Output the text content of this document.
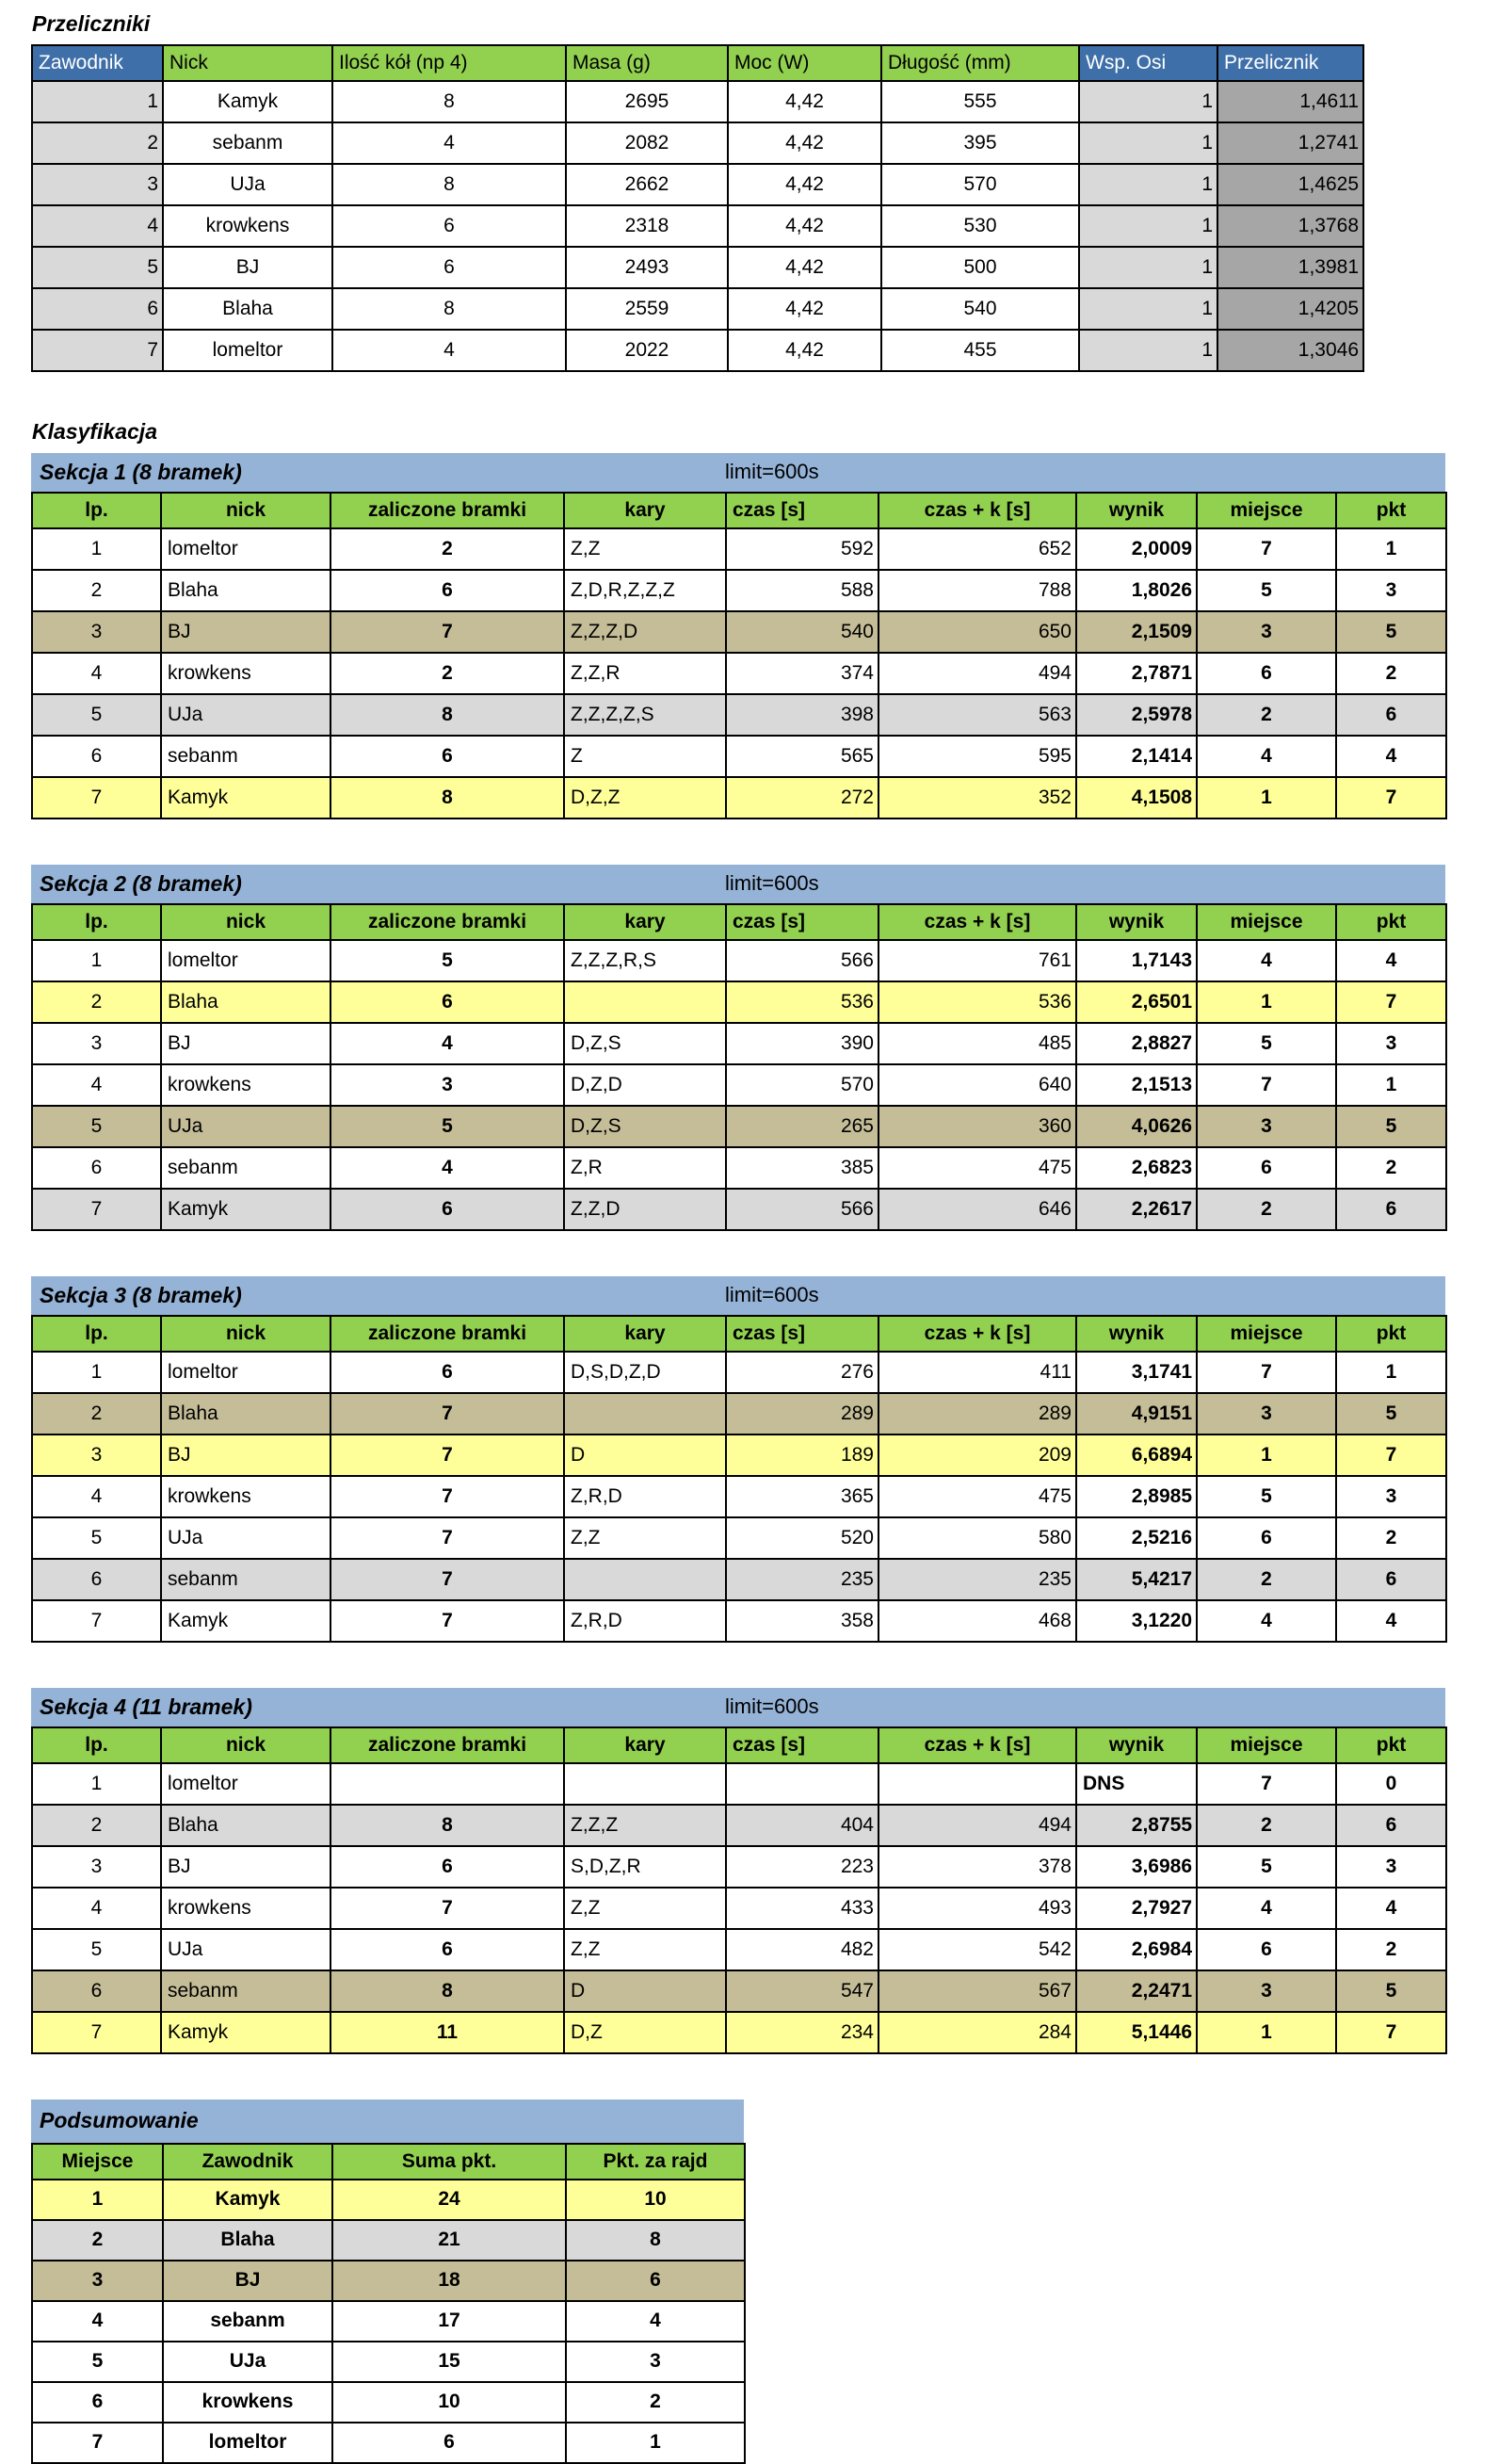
Przeliczniki
Zawodnik	Nick	Ilość kół (np 4)	Masa (g)	Moc (W)	Długość (mm)	Wsp. Osi	Przelicznik
1	Kamyk	8	2695	4,42	555	1	1,4611
2	sebanm	4	2082	4,42	395	1	1,2741
3	UJa	8	2662	4,42	570	1	1,4625
4	krowkens	6	2318	4,42	530	1	1,3768
5	BJ	6	2493	4,42	500	1	1,3981
6	Blaha	8	2559	4,42	540	1	1,4205
7	lomeltor	4	2022	4,42	455	1	1,3046
Klasyfikacja
Sekcja 1 (8 bramek)	limit=600s
lp.	nick	zaliczone bramki	kary	czas [s]	czas + k [s]	wynik	miejsce	pkt
1	lomeltor	2	Z,Z	592	652	2,0009	7	1
2	Blaha	6	Z,D,R,Z,Z,Z	588	788	1,8026	5	3
3	BJ	7	Z,Z,Z,D	540	650	2,1509	3	5
4	krowkens	2	Z,Z,R	374	494	2,7871	6	2
5	UJa	8	Z,Z,Z,Z,S	398	563	2,5978	2	6
6	sebanm	6	Z	565	595	2,1414	4	4
7	Kamyk	8	D,Z,Z	272	352	4,1508	1	7
Sekcja 2 (8 bramek)	limit=600s
lp.	nick	zaliczone bramki	kary	czas [s]	czas + k [s]	wynik	miejsce	pkt
1	lomeltor	5	Z,Z,Z,R,S	566	761	1,7143	4	4
2	Blaha	6		536	536	2,6501	1	7
3	BJ	4	D,Z,S	390	485	2,8827	5	3
4	krowkens	3	D,Z,D	570	640	2,1513	7	1
5	UJa	5	D,Z,S	265	360	4,0626	3	5
6	sebanm	4	Z,R	385	475	2,6823	6	2
7	Kamyk	6	Z,Z,D	566	646	2,2617	2	6
Sekcja 3 (8 bramek)	limit=600s
lp.	nick	zaliczone bramki	kary	czas [s]	czas + k [s]	wynik	miejsce	pkt
1	lomeltor	6	D,S,D,Z,D	276	411	3,1741	7	1
2	Blaha	7		289	289	4,9151	3	5
3	BJ	7	D	189	209	6,6894	1	7
4	krowkens	7	Z,R,D	365	475	2,8985	5	3
5	UJa	7	Z,Z	520	580	2,5216	6	2
6	sebanm	7		235	235	5,4217	2	6
7	Kamyk	7	Z,R,D	358	468	3,1220	4	4
Sekcja 4 (11 bramek)	limit=600s
lp.	nick	zaliczone bramki	kary	czas [s]	czas + k [s]	wynik	miejsce	pkt
1	lomeltor					DNS	7	0
2	Blaha	8	Z,Z,Z	404	494	2,8755	2	6
3	BJ	6	S,D,Z,R	223	378	3,6986	5	3
4	krowkens	7	Z,Z	433	493	2,7927	4	4
5	UJa	6	Z,Z	482	542	2,6984	6	2
6	sebanm	8	D	547	567	2,2471	3	5
7	Kamyk	11	D,Z	234	284	5,1446	1	7
Podsumowanie
Miejsce	Zawodnik	Suma pkt.	Pkt. za rajd
1	Kamyk	24	10
2	Blaha	21	8
3	BJ	18	6
4	sebanm	17	4
5	UJa	15	3
6	krowkens	10	2
7	lomeltor	6	1
